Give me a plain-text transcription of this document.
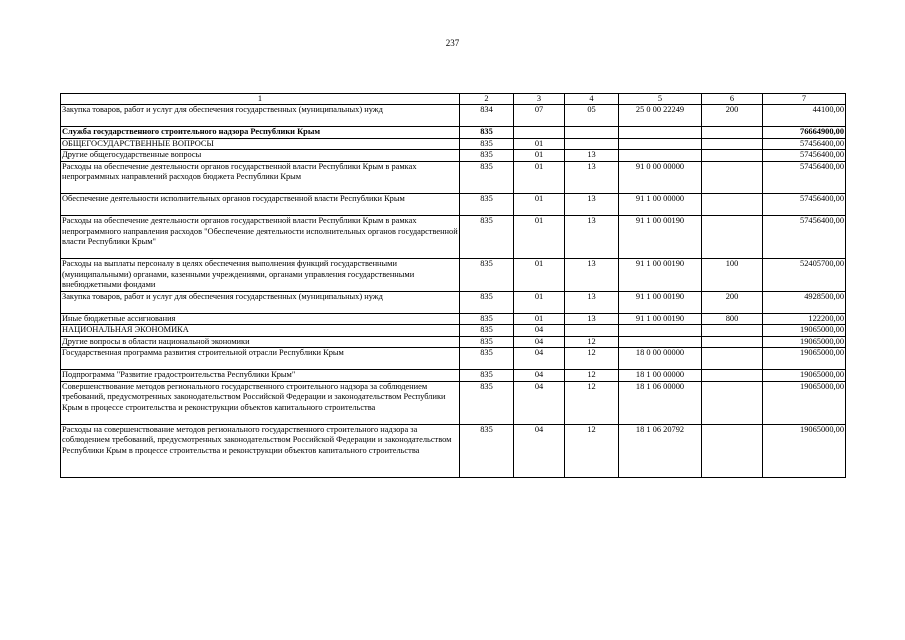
237
1	2	3	4	5	6	7
Закупка товаров, работ и услуг для обеспечения государственных (муниципальных) нужд	834	07	05	25 0 00 22249	200	44100,00
Служба государственного строительного надзора Республики Крым	835					76664900,00
ОБЩЕГОСУДАРСТВЕННЫЕ ВОПРОСЫ	835	01				57456400,00
Другие общегосударственные вопросы	835	01	13			57456400,00
Расходы на обеспечение деятельности органов государственной власти Республики Крым в рамках непрограммных направлений расходов бюджета Республики Крым	835	01	13	91 0 00 00000		57456400,00
Обеспечение деятельности исполнительных органов государственной власти Республики Крым	835	01	13	91 1 00 00000		57456400,00
Расходы на обеспечение деятельности органов государственной власти Республики Крым в рамках непрограммного направления расходов "Обеспечение деятельности исполнительных органов государственной власти Республики Крым"	835	01	13	91 1 00 00190		57456400,00
Расходы на выплаты персоналу в целях обеспечения выполнения функций государственными (муниципальными) органами, казенными учреждениями, органами управления государственными внебюджетными фондами	835	01	13	91 1 00 00190	100	52405700,00
Закупка товаров, работ и услуг для обеспечения государственных (муниципальных) нужд	835	01	13	91 1 00 00190	200	4928500,00
Иные бюджетные ассигнования	835	01	13	91 1 00 00190	800	122200,00
НАЦИОНАЛЬНАЯ ЭКОНОМИКА	835	04				19065000,00
Другие вопросы в области национальной экономики	835	04	12			19065000,00
Государственная программа развития строительной отрасли Республики Крым	835	04	12	18 0 00 00000		19065000,00
Подпрограмма "Развитие градостроительства Республики Крым"	835	04	12	18 1 00 00000		19065000,00
Совершенствование методов регионального государственного строительного надзора за соблюдением требований, предусмотренных законодательством Российской Федерации и законодательством Республики Крым в процессе строительства и реконструкции объектов капитального строительства	835	04	12	18 1 06 00000		19065000,00
Расходы на совершенствование методов регионального государственного строительного надзора за соблюдением требований, предусмотренных законодательством Российской Федерации и законодательством Республики Крым в процессе строительства и реконструкции объектов капитального строительства	835	04	12	18 1 06 20792		19065000,00
